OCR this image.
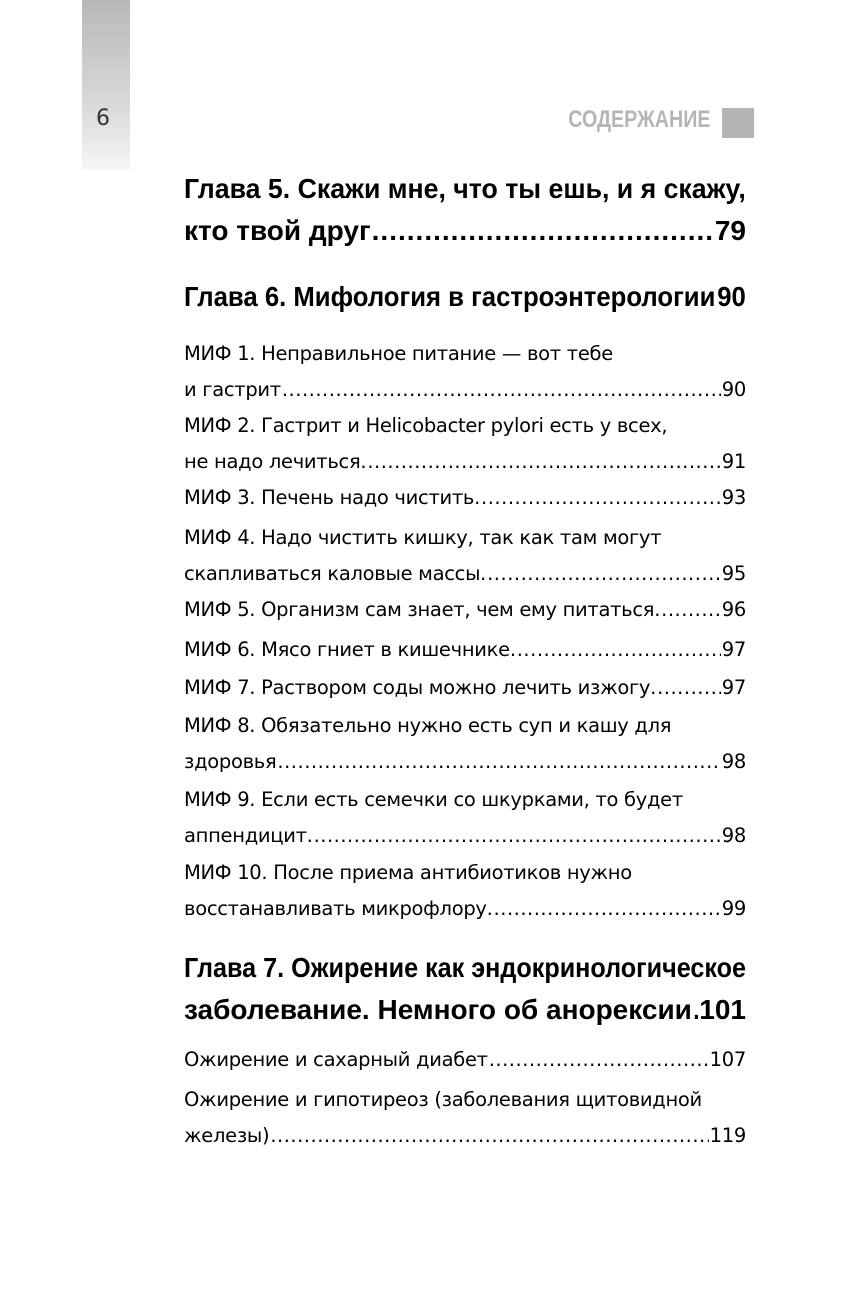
6	СОДЕРЖАНИЕ
Глава 5. Скажи мне, что ты ешь, и я скажу,
кто твой друг .....	79
Глава 6. Мифология в гастроэнтерологии 90
МИФ 1. Неправильное питание — вот тебе
и гастрит .....	90
МИФ 2. Гастрит и Helicobacter pylori есть у всех,
не надо лечиться. .....	91
МИФ 3. Печень надо чистить. .....	93
МИФ 4. Надо чистить кишку, так как там могут
скапливаться каловые массы. .....	95
МИФ 5. Организм сам знает, чем ему питаться. .....	96
МИФ 6. Мясо гниет в кишечнике. .....	97
МИФ 7. Раствором соды можно лечить изжогу. .....	97
МИФ 8. Обязательно нужно есть суп и кашу для
здоровья .....	98
МИФ 9. Если есть семечки со шкурками, то будет
аппендицит. .....	98
МИФ 10. После приема антибиотиков нужно
восстанавливать микрофлору. .....	99
Глава 7. Ожирение как эндокринологическое
заболевание. Немного об анорексии ..... 101
Ожирение и сахарный диабет .....	107
Ожирение и гипотиреоз (заболевания щитовидной
железы) .....	119
